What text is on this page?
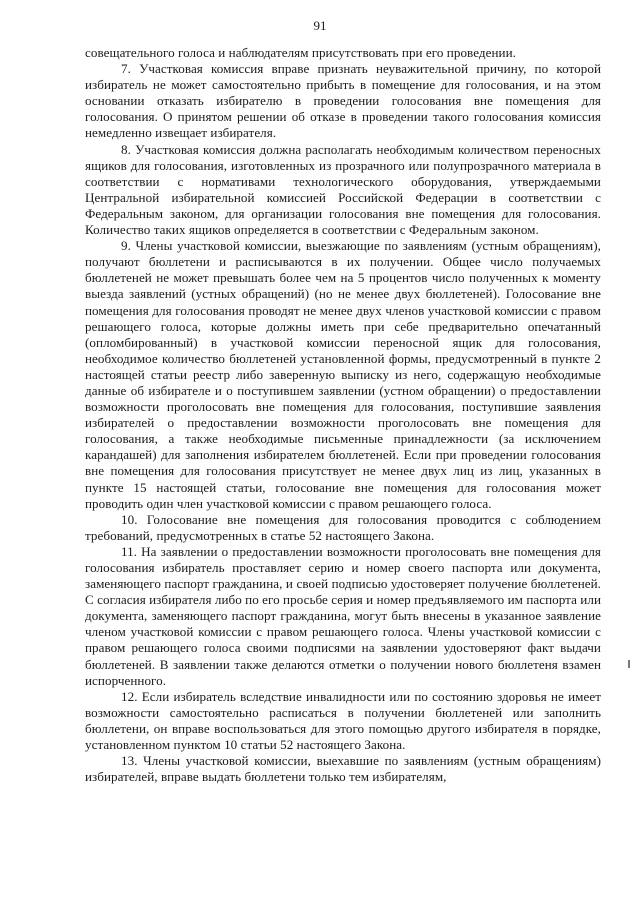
91

совещательного голоса и наблюдателям присутствовать при его проведении.

7. Участковая комиссия вправе признать неуважительной причину, по которой избиратель не может самостоятельно прибыть в помещение для голосования, и на этом основании отказать избирателю в проведении голосования вне помещения для голосования. О принятом решении об отказе в проведении такого голосования комиссия немедленно извещает избирателя.

8. Участковая комиссия должна располагать необходимым количеством переносных ящиков для голосования, изготовленных из прозрачного или полупрозрачного материала в соответствии с нормативами технологического оборудования, утверждаемыми Центральной избирательной комиссией Российской Федерации в соответствии с Федеральным законом, для организации голосования вне помещения для голосования. Количество таких ящиков определяется в соответствии с Федеральным законом.

9. Члены участковой комиссии, выезжающие по заявлениям (устным обращениям), получают бюллетени и расписываются в их получении. Общее число получаемых бюллетеней не может превышать более чем на 5 процентов число полученных к моменту выезда заявлений (устных обращений) (но не менее двух бюллетеней). Голосование вне помещения для голосования проводят не менее двух членов участковой комиссии с правом решающего голоса, которые должны иметь при себе предварительно опечатанный (опломбированный) в участковой комиссии переносной ящик для голосования, необходимое количество бюллетеней установленной формы, предусмотренный в пункте 2 настоящей статьи реестр либо заверенную выписку из него, содержащую необходимые данные об избирателе и о поступившем заявлении (устном обращении) о предоставлении возможности проголосовать вне помещения для голосования, поступившие заявления избирателей о предоставлении возможности проголосовать вне помещения для голосования, а также необходимые письменные принадлежности (за исключением карандашей) для заполнения избирателем бюллетеней. Если при проведении голосования вне помещения для голосования присутствует не менее двух лиц из лиц, указанных в пункте 15 настоящей статьи, голосование вне помещения для голосования может проводить один член участковой комиссии с правом решающего голоса.

10. Голосование вне помещения для голосования проводится с соблюдением требований, предусмотренных в статье 52 настоящего Закона.

11. На заявлении о предоставлении возможности проголосовать вне помещения для голосования избиратель проставляет серию и номер своего паспорта или документа, заменяющего паспорт гражданина, и своей подписью удостоверяет получение бюллетеней. С согласия избирателя либо по его просьбе серия и номер предъявляемого им паспорта или документа, заменяющего паспорт гражданина, могут быть внесены в указанное заявление членом участковой комиссии с правом решающего голоса. Члены участковой комиссии с правом решающего голоса своими подписями на заявлении удостоверяют факт выдачи бюллетеней. В заявлении также делаются отметки о получении нового бюллетеня взамен испорченного.

12. Если избиратель вследствие инвалидности или по состоянию здоровья не имеет возможности самостоятельно расписаться в получении бюллетеней или заполнить бюллетени, он вправе воспользоваться для этого помощью другого избирателя в порядке, установленном пунктом 10 статьи 52 настоящего Закона.

13. Члены участковой комиссии, выехавшие по заявлениям (устным обращениям) избирателей, вправе выдать бюллетени только тем избирателям,
